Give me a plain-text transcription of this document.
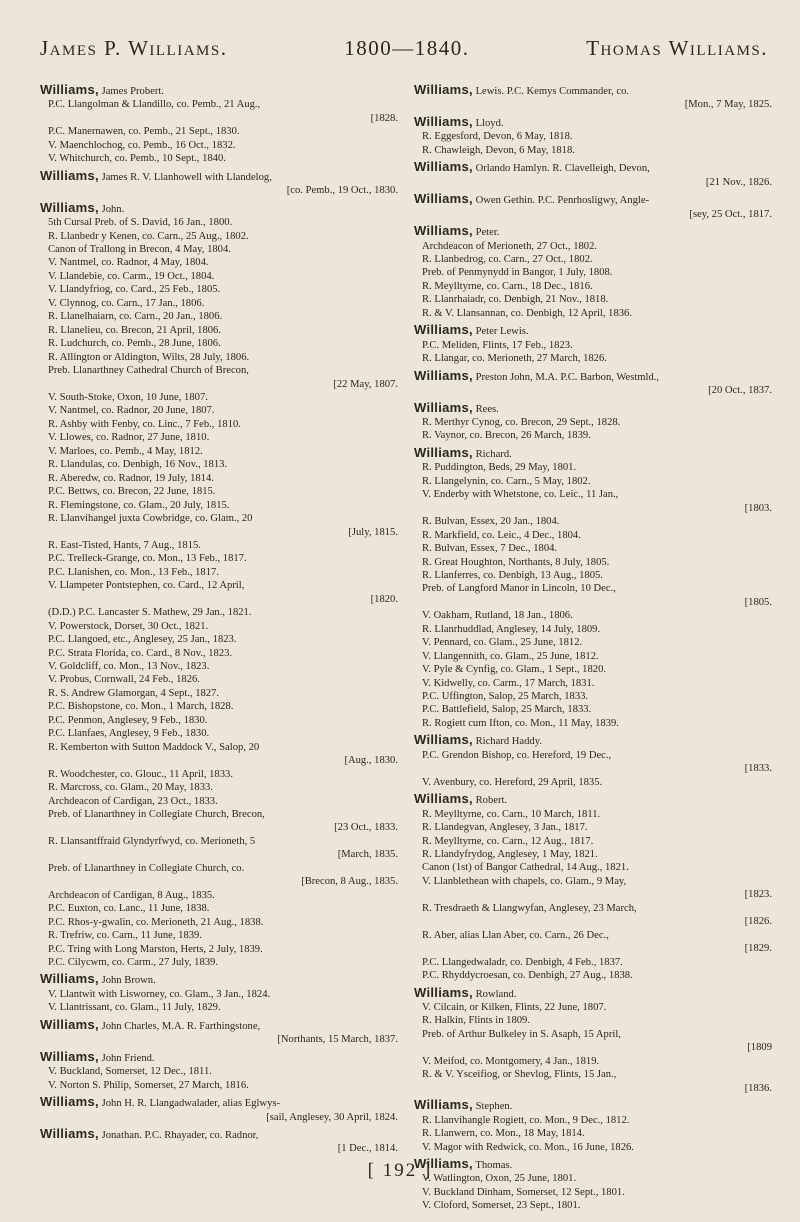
James P. Williams.	1800—1840.	Thomas Williams.
Williams, James Probert.
P.C. Llangolman & Llandillo, co. Pemb., 21 Aug.,
[1828.
P.C. Manernawen, co. Pemb., 21 Sept., 1830.
V. Maenchlochog, co. Pemb., 16 Oct., 1832.
V. Whitchurch, co. Pemb., 10 Sept., 1840.
Williams, James R. V. Llanhowell with Llandelog,
[co. Pemb., 19 Oct., 1830.
Williams, John.
5th Cursal Preb. of S. David, 16 Jan., 1800.
R. Llanbedr y Kenen, co. Carn., 25 Aug., 1802.
Canon of Trallong in Brecon, 4 May, 1804.
V. Nantmel, co. Radnor, 4 May, 1804.
V. Llandebie, co. Carm., 19 Oct., 1804.
V. Llandyfriog, co. Card., 25 Feb., 1805.
V. Clynnog, co. Carn., 17 Jan., 1806.
R. Llanelhaiarn, co. Carn., 20 Jan., 1806.
R. Llanelieu, co. Brecon, 21 April, 1806.
R. Ludchurch, co. Pemb., 28 June, 1806.
R. Allington or Aldington, Wilts, 28 July, 1806.
Preb. Llanarthney Cathedral Church of Brecon,
[22 May, 1807.
V. South-Stoke, Oxon, 10 June, 1807.
V. Nantmel, co. Radnor, 20 June, 1807.
R. Ashby with Fenby, co. Linc., 7 Feb., 1810.
V. Llowes, co. Radnor, 27 June, 1810.
V. Marloes, co. Pemb., 4 May, 1812.
R. Llandulas, co. Denbigh, 16 Nov., 1813.
R. Aberedw, co. Radnor, 19 July, 1814.
P.C. Bettws, co. Brecon, 22 June, 1815.
R. Flemingstone, co. Glam., 20 July, 1815.
R. Llanvihangel juxta Cowbridge, co. Glam., 20
[July, 1815.
R. East-Tisted, Hants, 7 Aug., 1815.
P.C. Trelleck-Grange, co. Mon., 13 Feb., 1817.
P.C. Llanishen, co. Mon., 13 Feb., 1817.
V. Llampeter Pontstephen, co. Card., 12 April,
[1820.
(D.D.) P.C. Lancaster S. Mathew, 29 Jan., 1821.
V. Powerstock, Dorset, 30 Oct., 1821.
P.C. Llangoed, etc., Anglesey, 25 Jan., 1823.
P.C. Strata Florida, co. Card., 8 Nov., 1823.
V. Goldcliff, co. Mon., 13 Nov., 1823.
V. Probus, Cornwall, 24 Feb., 1826.
R. S. Andrew Glamorgan, 4 Sept., 1827.
P.C. Bishopstone, co. Mon., 1 March, 1828.
P.C. Penmon, Anglesey, 9 Feb., 1830.
P.C. Llanfaes, Anglesey, 9 Feb., 1830.
R. Kemberton with Sutton Maddock V., Salop, 20
[Aug., 1830.
R. Woodchester, co. Glouc., 11 April, 1833.
R. Marcross, co. Glam., 20 May, 1833.
Archdeacon of Cardigan, 23 Oct., 1833.
Preb. of Llanarthney in Collegiate Church, Brecon,
[23 Oct., 1833.
R. Llansantffraid Glyndyrfwyd, co. Merioneth, 5
[March, 1835.
Preb. of Llanarthney in Collegiate Church, co.
[Brecon, 8 Aug., 1835.
Archdeacon of Cardigan, 8 Aug., 1835.
P.C. Euxton, co. Lanc., 11 June, 1838.
P.C. Rhos-y-gwalin, co. Merioneth, 21 Aug., 1838.
R. Trefriw, co. Carn., 11 June, 1839.
P.C. Tring with Long Marston, Herts, 2 July, 1839.
P.C. Cilycwm, co. Carm., 27 July, 1839.
Williams, John Brown.
V. Llantwit with Lisworney, co. Glam., 3 Jan., 1824.
V. Llantrissant, co. Glam., 11 July, 1829.
Williams, John Charles, M.A. R. Farthingstone,
[Northants, 15 March, 1837.
Williams, John Friend.
V. Buckland, Somerset, 12 Dec., 1811.
V. Norton S. Philip, Somerset, 27 March, 1816.
Williams, John H. R. Llangadwalader, alias Eglwys-
[sail, Anglesey, 30 April, 1824.
Williams, Jonathan. P.C. Rhayader, co. Radnor,
[1 Dec., 1814.
Williams, Lewis. P.C. Kemys Commander, co.
[Mon., 7 May, 1825.
Williams, Lloyd.
R. Eggesford, Devon, 6 May, 1818.
R. Chawleigh, Devon, 6 May, 1818.
Williams, Orlando Hamlyn. R. Clavelleigh, Devon,
[21 Nov., 1826.
Williams, Owen Gethin. P.C. Penrhosligwy, Angle-
[sey, 25 Oct., 1817.
Williams, Peter.
Archdeacon of Merioneth, 27 Oct., 1802.
R. Llanbedrog, co. Carn., 27 Oct., 1802.
Preb. of Penmynydd in Bangor, 1 July, 1808.
R. Meylltyrne, co. Carn., 18 Dec., 1816.
R. Llanrhaiadr, co. Denbigh, 21 Nov., 1818.
R. & V. Llansannan, co. Denbigh, 12 April, 1836.
Williams, Peter Lewis.
P.C. Meliden, Flints, 17 Feb., 1823.
R. Llangar, co. Merioneth, 27 March, 1826.
Williams, Preston John, M.A. P.C. Barbon, Westmld.,
[20 Oct., 1837.
Williams, Rees.
R. Merthyr Cynog, co. Brecon, 29 Sept., 1828.
R. Vaynor, co. Brecon, 26 March, 1839.
Williams, Richard.
R. Puddington, Beds, 29 May, 1801.
R. Llangelynin, co. Carn., 5 May, 1802.
V. Enderby with Whetstone, co. Leic., 11 Jan.,
[1803.
R. Bulvan, Essex, 20 Jan., 1804.
R. Markfield, co. Leic., 4 Dec., 1804.
R. Bulvan, Essex, 7 Dec., 1804.
R. Great Houghton, Northants, 8 July, 1805.
R. Llanferres, co. Denbigh, 13 Aug., 1805.
Preb. of Langford Manor in Lincoln, 10 Dec.,
[1805.
V. Oakham, Rutland, 18 Jan., 1806.
R. Llanrhuddlad, Anglesey, 14 July, 1809.
V. Pennard, co. Glam., 25 June, 1812.
V. Llangennith, co. Glam., 25 June, 1812.
V. Pyle & Cynfig, co. Glam., 1 Sept., 1820.
V. Kidwelly, co. Carm., 17 March, 1831.
P.C. Uffington, Salop, 25 March, 1833.
P.C. Battlefield, Salop, 25 March, 1833.
R. Rogiett cum Ifton, co. Mon., 11 May, 1839.
Williams, Richard Haddy.
P.C. Grendon Bishop, co. Hereford, 19 Dec.,
[1833.
V. Avenbury, co. Hereford, 29 April, 1835.
Williams, Robert.
R. Meylltyrne, co. Carn., 10 March, 1811.
R. Llandegvan, Anglesey, 3 Jan., 1817.
R. Meylltyrne, co. Carn., 12 Aug., 1817.
R. Llandyfrydog, Anglesey, 1 May, 1821.
Canon (1st) of Bangor Cathedral, 14 Aug., 1821.
V. Llanblethean with chapels, co. Glam., 9 May,
[1823.
R. Tresdraeth & Llangwyfan, Anglesey, 23 March,
[1826.
R. Aber, alias Llan Aber, co. Carn., 26 Dec.,
[1829.
P.C. Llangedwaladr, co. Denbigh, 4 Feb., 1837.
P.C. Rhyddycroesan, co. Denbigh, 27 Aug., 1838.
Williams, Rowland.
V. Cilcain, or Kilken, Flints, 22 June, 1807.
R. Halkin, Flints in 1809.
Preb. of Arthur Bulkeley in S. Asaph, 15 April,
[1809
V. Meifod, co. Montgomery, 4 Jan., 1819.
R. & V. Ysceifiog, or Shevlog, Flints, 15 Jan.,
[1836.
Williams, Stephen.
R. Llanvihangle Rogiett, co. Mon., 9 Dec., 1812.
R. Llanwern, co. Mon., 18 May, 1814.
V. Magor with Redwick, co. Mon., 16 June, 1826.
Williams, Thomas.
V. Watlington, Oxon, 25 June, 1801.
V. Buckland Dinham, Somerset, 12 Sept., 1801.
V. Cloford, Somerset, 23 Sept., 1801.
[ 192 ]
